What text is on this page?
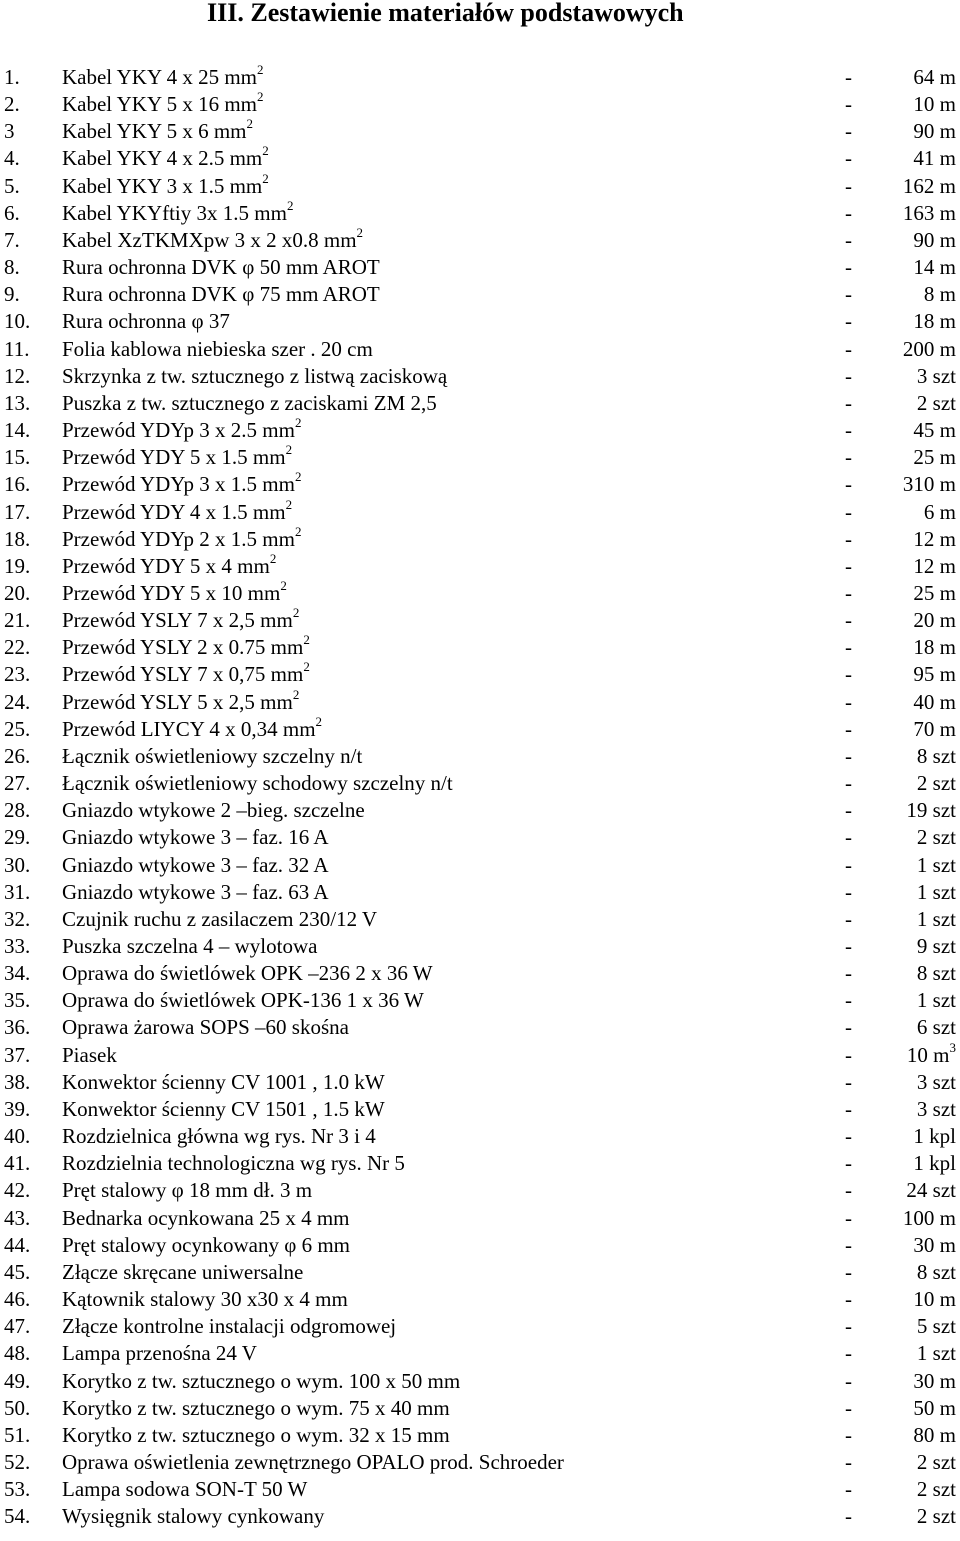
III. Zestawienie materiałów podstawowych
1. Kabel YKY 4 x 25 $mm^2$	-	64 m
2. Kabel YKY 5 x 16 $mm^2$	-	10 m
3 Kabel YKY 5 x 6 $mm^2$	-	90 m
4. Kabel YKY 4 x 2.5 $mm^2$	-	41 m
5. Kabel YKY 3 x 1.5 $mm^2$	- 162 m
6. Kabel YKYftiy 3x 1.5 $mm^2$	- 163 m
7. Kabel XzTKMXpw 3 x 2 x0.8 $mm^2$	-	90 m
8. Rura ochronna DVK φ 50 mm AROT	-	14 m
9. Rura ochronna DVK φ 75 mm AROT	-	8 m
10. Rura ochronna φ 37	-	18 m
11. Folia kablowa niebieska szer . 20 cm	- 200 m
12. Skrzynka z tw. sztucznego z listwą zaciskową	-	3 szt
13. Puszka z tw. sztucznego z zaciskami ZM 2,5	-	2 szt
14. Przewód YDYp 3 x 2.5 $mm^2$	-	45 m
15. Przewód YDY 5 x 1.5 $mm^2$	-	25 m
16. Przewód YDYp 3 x 1.5 $mm^2$	- 310 m
17. Przewód YDY 4 x 1.5 $mm^2$	-	6 m
18. Przewód YDYp 2 x 1.5 $mm^2$	-	12 m
19. Przewód YDY 5 x 4 $mm^2$	-	12 m
20. Przewód YDY 5 x 10 $mm^2$	-	25 m
21. Przewód YSLY 7 x 2,5 $mm^2$	-	20 m
22. Przewód YSLY 2 x 0.75 $mm^2$	-	18 m
23. Przewód YSLY 7 x 0,75 $mm^2$	-	95 m
24. Przewód YSLY 5 x 2,5 $mm^2$	-	40 m
25. Przewód LIYCY 4 x 0,34 $mm^2$	-	70 m
26. Łącznik oświetleniowy szczelny n/t	-	8 szt
27. Łącznik oświetleniowy schodowy szczelny n/t	-	2 szt
28. Gniazdo wtykowe 2 –bieg. szczelne	-	19 szt
29. Gniazdo wtykowe 3 – faz. 16 A	-	2 szt
30. Gniazdo wtykowe 3 – faz. 32 A	-	1 szt
31. Gniazdo wtykowe 3 – faz. 63 A	-	1 szt
32. Czujnik ruchu z zasilaczem 230/12 V	-	1 szt
33. Puszka szczelna 4 – wylotowa	-	9 szt
34. Oprawa do świetlówek OPK –236 2 x 36 W	-	8 szt
35. Oprawa do świetlówek OPK-136 1 x 36 W	-	1 szt
36. Oprawa żarowa SOPS –60 skośna	-	6 szt
37. Piasek	-	10 $m^3$
38. Konwektor ścienny CV 1001 , 1.0 kW	-	3 szt
39. Konwektor ścienny CV 1501 , 1.5 kW	-	3 szt
40. Rozdzielnica główna wg rys. Nr 3 i 4	-	1 kpl
41. Rozdzielnia technologiczna wg rys. Nr 5	-	1 kpl
42. Pręt stalowy φ 18 mm dł. 3 m	-	24 szt
43. Bednarka ocynkowana 25 x 4 mm	- 100 m
44. Pręt stalowy ocynkowany φ 6 mm	-	30 m
45. Złącze skręcane uniwersalne	-	8 szt
46. Kątownik stalowy 30 x30 x 4 mm	-	10 m
47. Złącze kontrolne instalacji odgromowej	-	5 szt
48. Lampa przenośna 24 V	-	1 szt
49. Korytko z tw. sztucznego o wym. 100 x 50 mm	-	30 m
50. Korytko z tw. sztucznego o wym. 75 x 40 mm	-	50 m
51. Korytko z tw. sztucznego o wym. 32 x 15 mm	-	80 m
52. Oprawa oświetlenia zewnętrznego OPALO prod. Schroeder	-	2 szt
53. Lampa sodowa SON-T 50 W	-	2 szt
54. Wysięgnik stalowy cynkowany	-	2 szt
